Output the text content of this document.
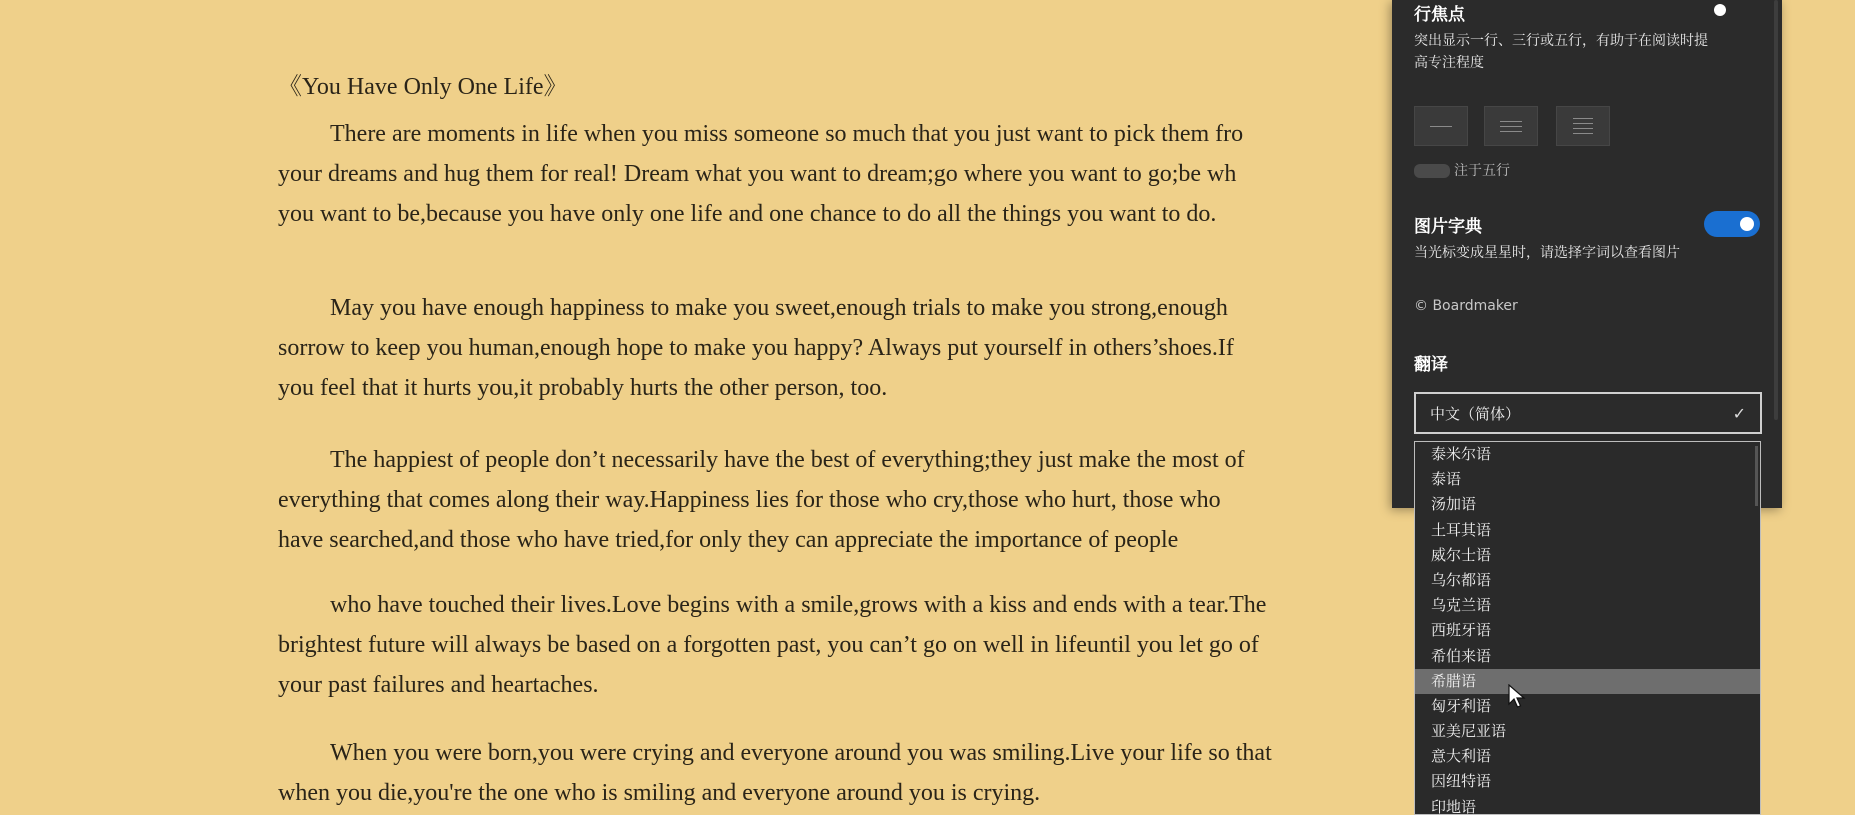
《You Have Only One Life》
There are moments in life when you miss someone so much that you just want to pick them fro
your dreams and hug them for real! Dream what you want to dream;go where you want to go;be wh
you want to be,because you have only one life and one chance to do all the things you want to do.
May you have enough happiness to make you sweet,enough trials to make you strong,enough
sorrow to keep you human,enough hope to make you happy? Always put yourself in others’shoes.If
you feel that it hurts you,it probably hurts the other person, too.
The happiest of people don’t necessarily have the best of everything;they just make the most of
everything that comes along their way.Happiness lies for those who cry,those who hurt, those who
have searched,and those who have tried,for only they can appreciate the importance of people
who have touched their lives.Love begins with a smile,grows with a kiss and ends with a tear.The
brightest future will always be based on a forgotten past, you can’t go on well in lifeuntil you let go of
your past failures and heartaches.
When you were born,you were crying and everyone around you was smiling.Live your life so that
when you die,you're the one who is smiling and everyone around you is crying.
行焦点
突出显示一行、三行或五行，有助于在阅读时提高专注程度
注于五行
图片字典
当光标变成星星时，请选择字词以查看图片
© Boardmaker
翻译
中文（简体）	✓
泰米尔语
泰语
汤加语
土耳其语
威尔士语
乌尔都语
乌克兰语
西班牙语
希伯来语
希腊语
匈牙利语
亚美尼亚语
意大利语
因纽特语
印地语
